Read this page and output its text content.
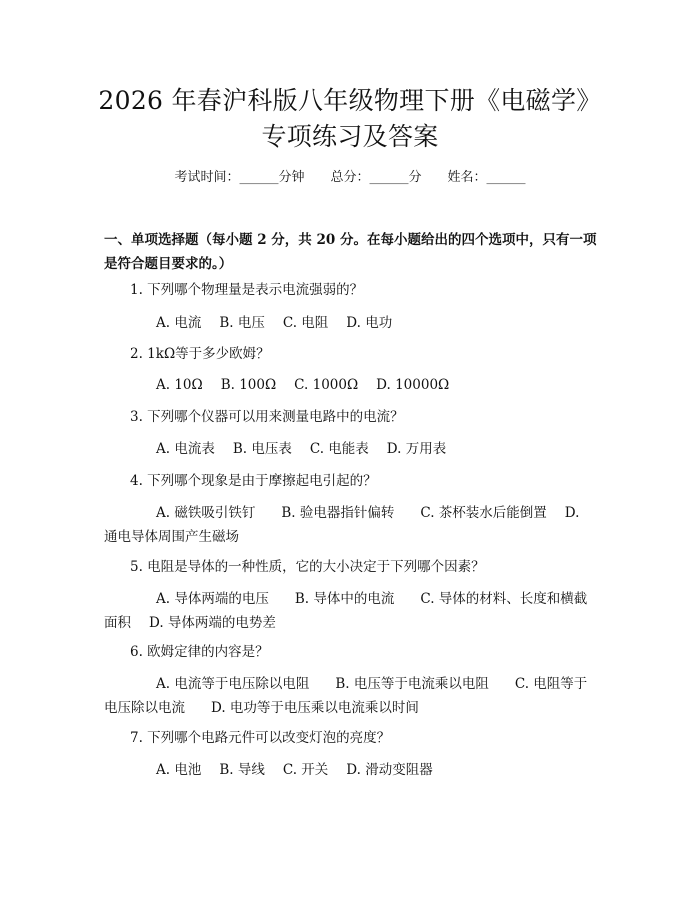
2026 年春沪科版八年级物理下册《电磁学》
专项练习及答案
考试时间：______分钟 总分：______分 姓名：______
一、单项选择题（每小题 2 分，共 20 分。在每小题给出的四个选项中，只有一项是符合题目要求的。）
1. 下列哪个物理量是表示电流强弱的？
A. 电流 B. 电压 C. 电阻 D. 电功
2. 1kΩ等于多少欧姆？
A. 10Ω B. 100Ω C. 1000Ω D. 10000Ω
3. 下列哪个仪器可以用来测量电路中的电流？
A. 电流表 B. 电压表 C. 电能表 D. 万用表
4. 下列哪个现象是由于摩擦起电引起的？
A. 磁铁吸引铁钉 B. 验电器指针偏转 C. 茶杯装水后能倒置 D. 通电导体周围产生磁场
5. 电阻是导体的一种性质，它的大小决定于下列哪个因素？
A. 导体两端的电压 B. 导体中的电流 C. 导体的材料、长度和横截面积 D. 导体两端的电势差
6. 欧姆定律的内容是？
A. 电流等于电压除以电阻 B. 电压等于电流乘以电阻 C. 电阻等于电压除以电流 D. 电功等于电压乘以电流乘以时间
7. 下列哪个电路元件可以改变灯泡的亮度？
A. 电池 B. 导线 C. 开关 D. 滑动变阻器
